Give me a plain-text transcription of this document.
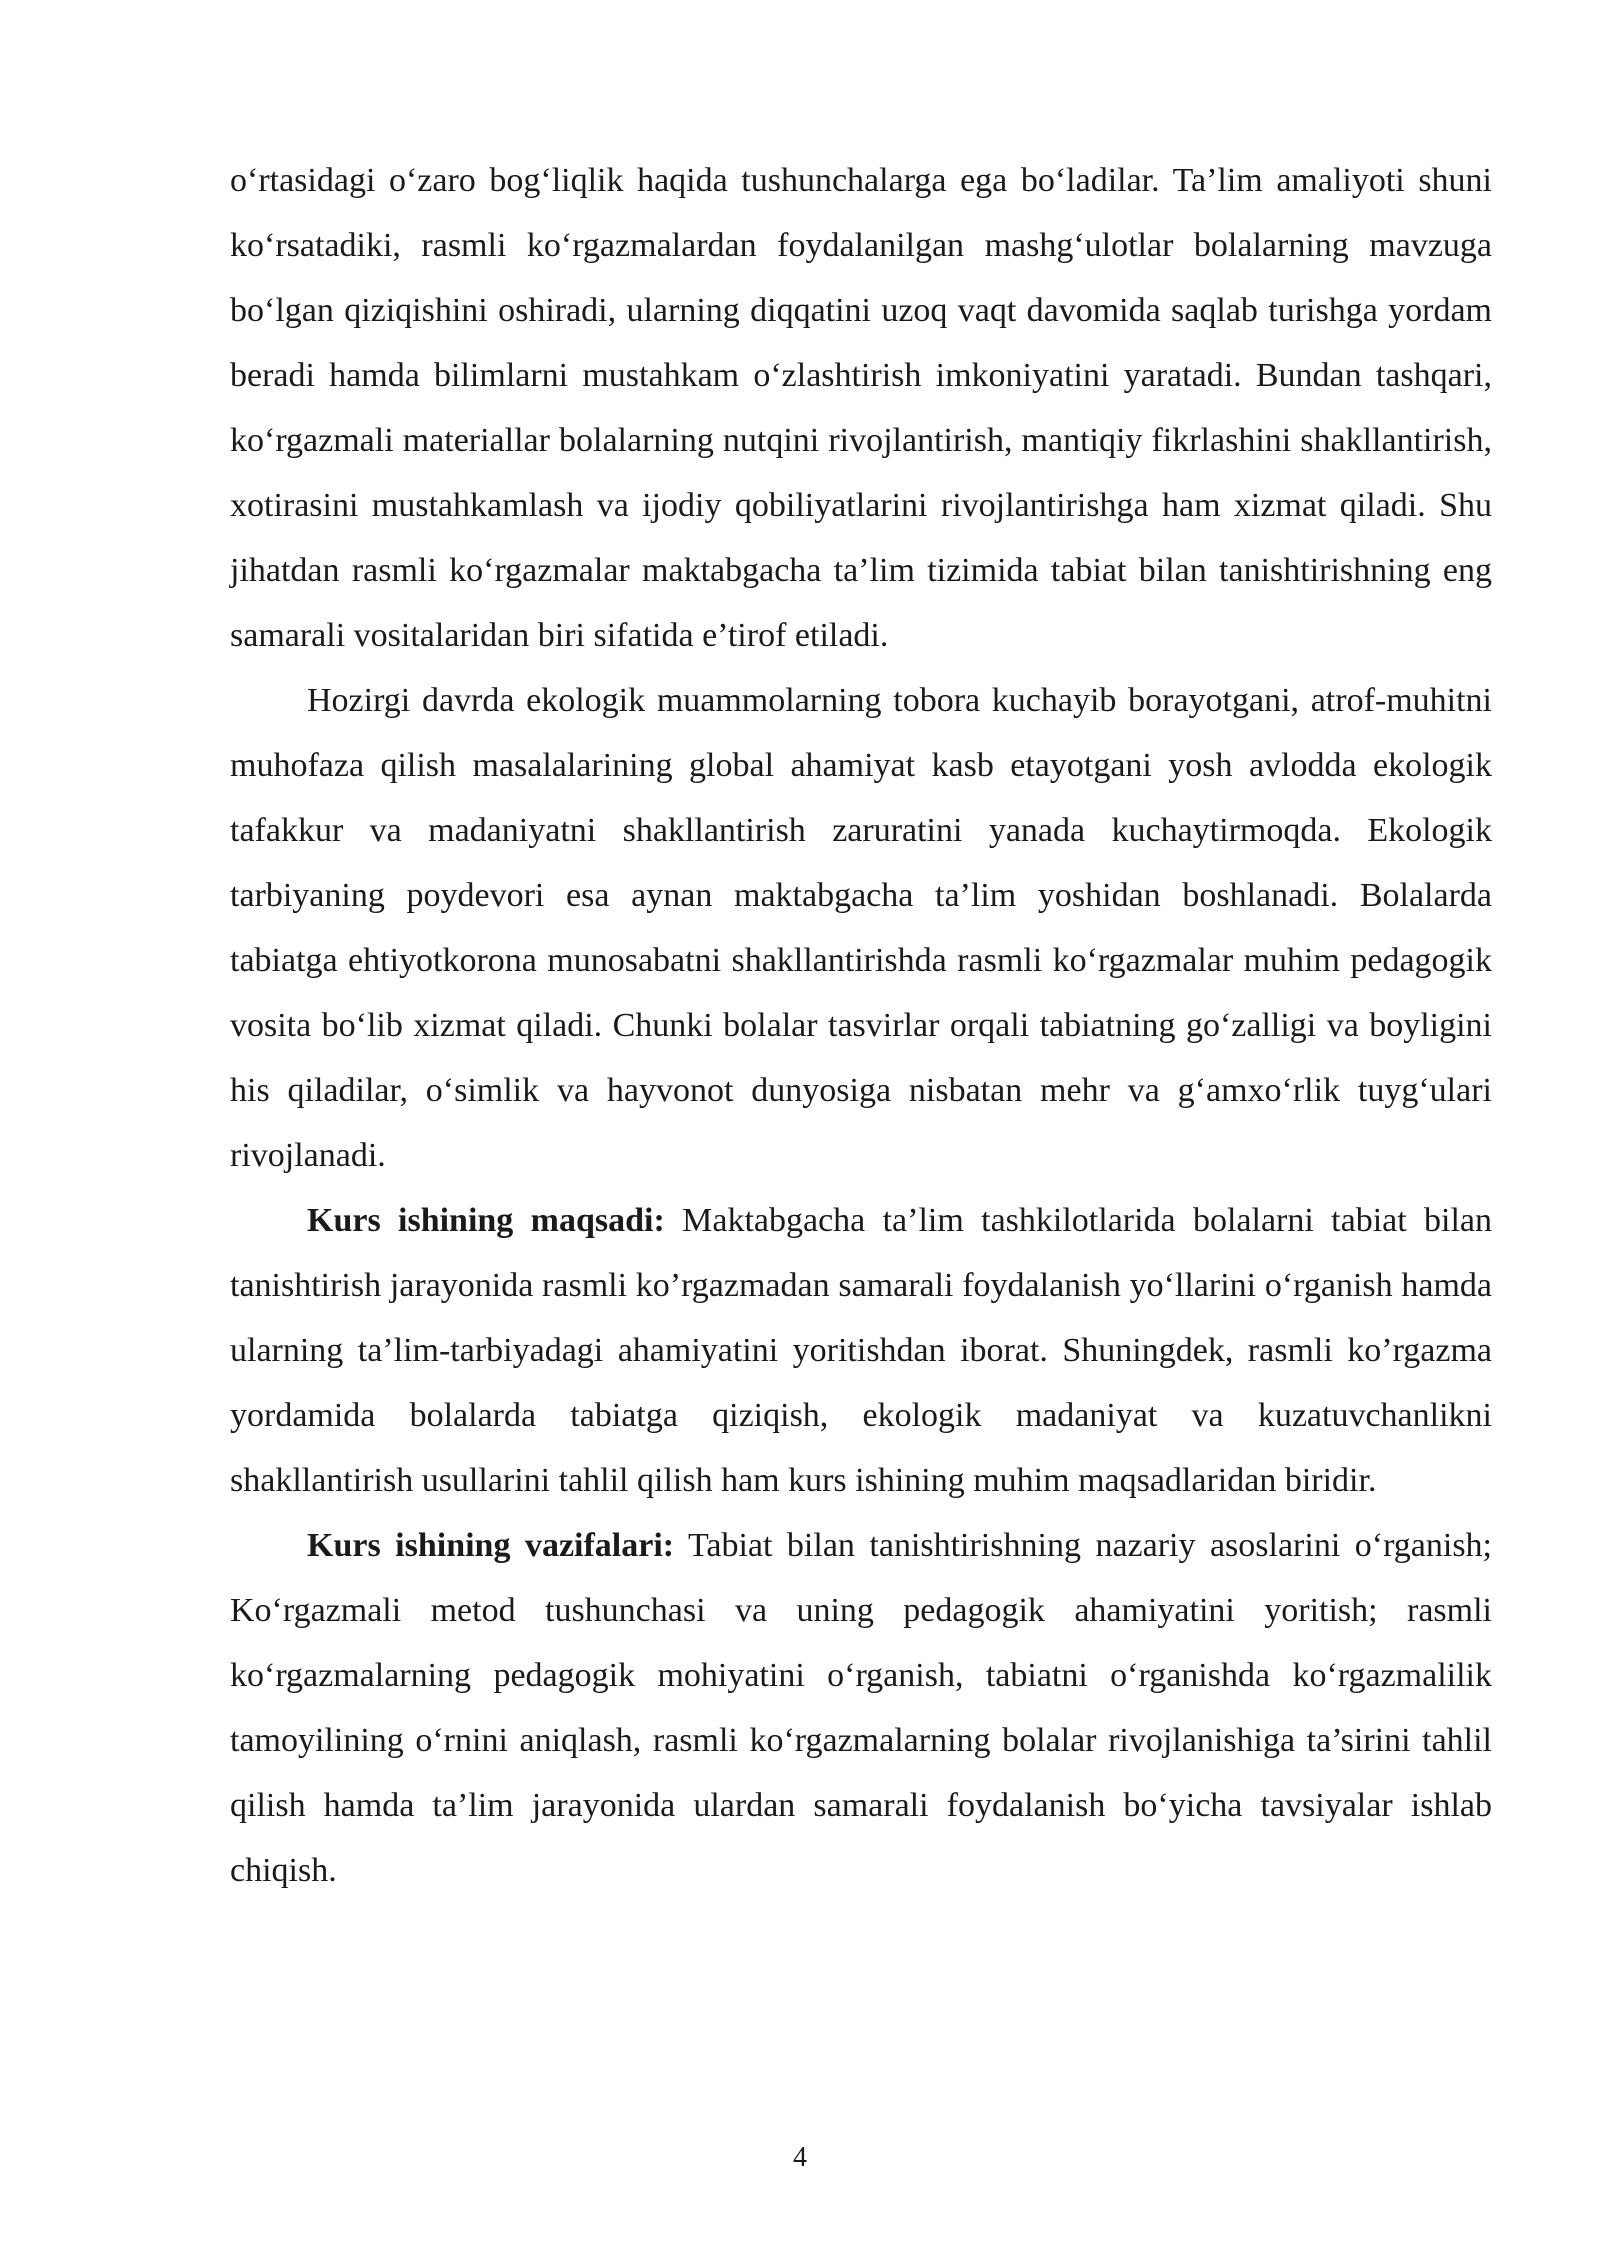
o‘rtasidagi o‘zaro bog‘liqlik haqida tushunchalarga ega bo‘ladilar. Ta’lim amaliyoti shuni ko‘rsatadiki, rasmli ko‘rgazmalardan foydalanilgan mashg‘ulotlar bolalarning mavzuga bo‘lgan qiziqishini oshiradi, ularning diqqatini uzoq vaqt davomida saqlab turishga yordam beradi hamda bilimlarni mustahkam o‘zlashtirish imkoniyatini yaratadi. Bundan tashqari, ko‘rgazmali materiallar bolalarning nutqini rivojlantirish, mantiqiy fikrlashini shakllantirish, xotirasini mustahkamlash va ijodiy qobiliyatlarini rivojlantirishga ham xizmat qiladi. Shu jihatdan rasmli ko‘rgazmalar maktabgacha ta’lim tizimida tabiat bilan tanishtirishning eng samarali vositalaridan biri sifatida e’tirof etiladi.

Hozirgi davrda ekologik muammolarning tobora kuchayib borayotgani, atrof-muhitni muhofaza qilish masalalarining global ahamiyat kasb etayotgani yosh avlodda ekologik tafakkur va madaniyatni shakllantirish zaruratini yanada kuchaytirmoqda. Ekologik tarbiyaning poydevori esa aynan maktabgacha ta’lim yoshidan boshlanadi. Bolalarda tabiatga ehtiyotkorona munosabatni shakllantirishda rasmli ko‘rgazmalar muhim pedagogik vosita bo‘lib xizmat qiladi. Chunki bolalar tasvirlar orqali tabiatning go‘zalligi va boyligini his qiladilar, o‘simlik va hayvonot dunyosiga nisbatan mehr va g‘amxo‘rlik tuyg‘ulari rivojlanadi.

Kurs ishining maqsadi: Maktabgacha ta’lim tashkilotlarida bolalarni tabiat bilan tanishtirish jarayonida rasmli ko’rgazmadan samarali foydalanish yo‘llarini o‘rganish hamda ularning ta’lim-tarbiyadagi ahamiyatini yoritishdan iborat. Shuningdek, rasmli ko’rgazma yordamida bolalarda tabiatga qiziqish, ekologik madaniyat va kuzatuvchanlikni shakllantirish usullarini tahlil qilish ham kurs ishining muhim maqsadlaridan biridir.

Kurs ishining vazifalari: Tabiat bilan tanishtirishning nazariy asoslarini o‘rganish; Ko‘rgazmali metod tushunchasi va uning pedagogik ahamiyatini yoritish; rasmli ko‘rgazmalarning pedagogik mohiyatini o‘rganish, tabiatni o‘rganishda ko‘rgazmalilik tamoyilining o‘rnini aniqlash, rasmli ko‘rgazmalarning bolalar rivojlanishiga ta’sirini tahlil qilish hamda ta’lim jarayonida ulardan samarali foydalanish bo‘yicha tavsiyalar ishlab chiqish.

4
